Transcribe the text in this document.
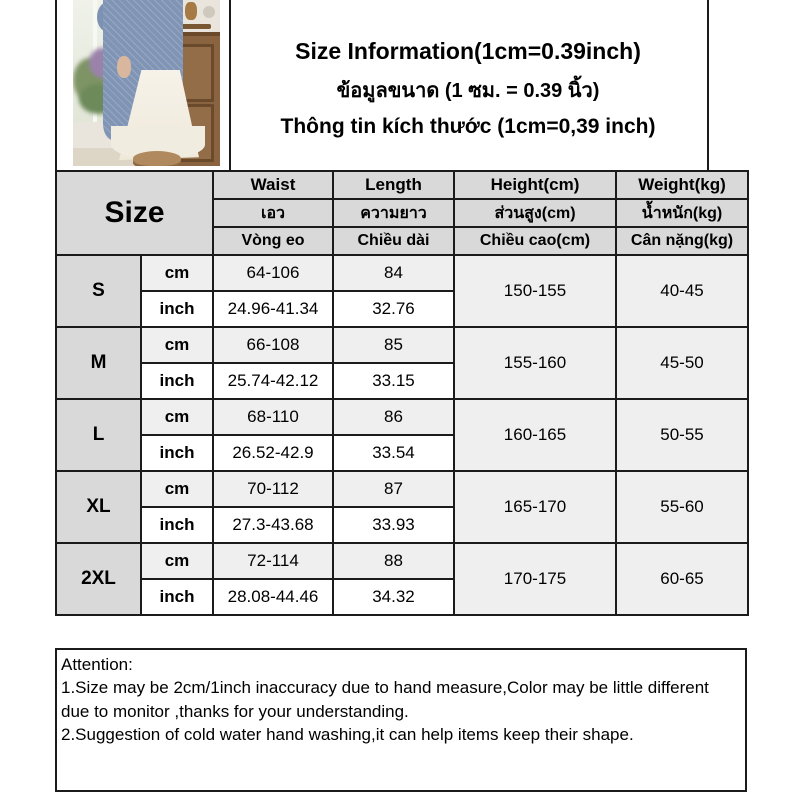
Size Information(1cm=0.39inch)
ข้อมูลขนาด (1 ซม. = 0.39 นิ้ว)
Thông tin kích thước (1cm=0,39 inch)
Size		Waist	Length	Height(cm)	Weight(kg)
		เอว	ความยาว	ส่วนสูง(cm)	น้ำหนัก(kg)
		Vòng eo	Chiều dài	Chiều cao(cm)	Cân nặng(kg)
S	cm	64-106	84	150-155	40-45
	inch	24.96-41.34	32.76		
M	cm	66-108	85	155-160	45-50
	inch	25.74-42.12	33.15		
L	cm	68-110	86	160-165	50-55
	inch	26.52-42.9	33.54		
XL	cm	70-112	87	165-170	55-60
	inch	27.3-43.68	33.93		
2XL	cm	72-114	88	170-175	60-65
	inch	28.08-44.46	34.32		
Attention:
1.Size may be 2cm/1inch inaccuracy due to hand measure,Color may be little different due to monitor ,thanks for your understanding.
2.Suggestion of cold water hand washing,it can help items keep their shape.
